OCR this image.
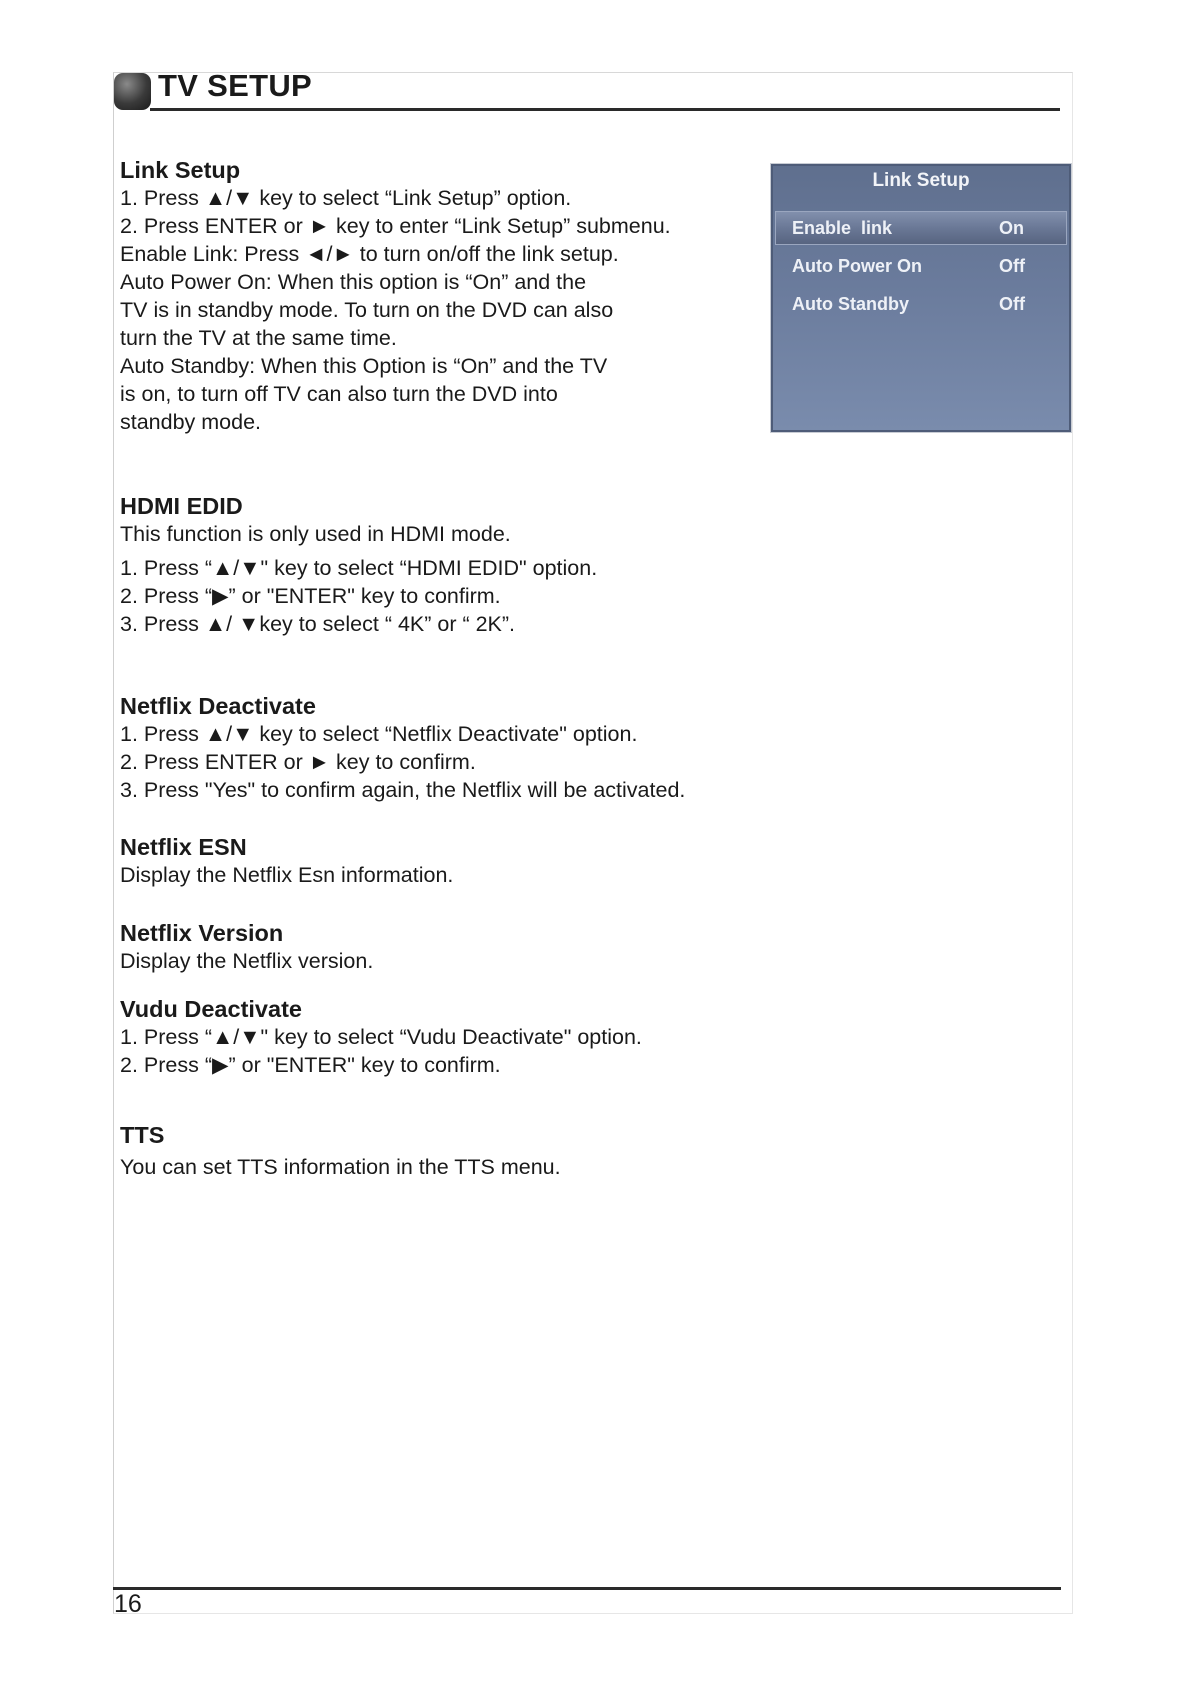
TV SETUP
Link Setup

1. Press ▲/▼ key to select “Link Setup” option.

2. Press ENTER or ► key to enter “Link Setup” submenu.

Enable Link: Press ◄/► to turn on/off the link setup.

Auto Power On: When this option is “On” and the

TV is in standby mode. To turn on the DVD can also

turn the TV at the same time.

Auto Standby: When this Option is “On” and the TV

is on, to turn off TV can also turn the DVD into

standby mode.

HDMI EDID

This function is only used in HDMI mode.

1. Press “▲/▼" key to select “HDMI EDID" option.

2. Press “▶” or "ENTER" key to confirm.

3. Press ▲/ ▼key to select “ 4K” or “ 2K”.

Netflix Deactivate

1. Press ▲/▼ key to select “Netflix Deactivate" option.

2. Press ENTER or ► key to confirm.

3. Press "Yes" to confirm again, the Netflix will be activated.

Netflix ESN

Display the Netflix Esn information.

Netflix Version

Display the Netflix version.

Vudu Deactivate

1. Press “▲/▼" key to select “Vudu Deactivate" option.

2. Press “▶” or "ENTER" key to confirm.

TTS

You can set TTS information in the TTS menu.

Link Setup
Enable  link	On
Auto Power On	Off
Auto Standby	Off
16
